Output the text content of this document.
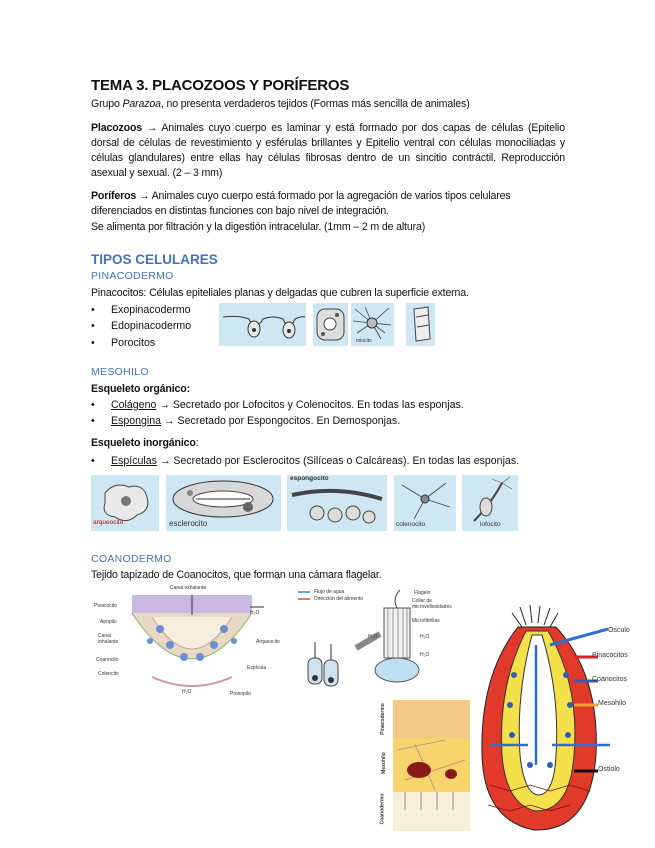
TEMA 3. PLACOZOOS Y PORÍFEROS
Grupo Parazoa, no presenta verdaderos tejidos (Formas más sencilla de animales)
Placozoos → Animales cuyo cuerpo es laminar y está formado por dos capas de células (Epitelio dorsal de células de revestimiento y esférulas brillantes y Epitelio ventral con células monociliadas y células glandulares) entre ellas hay células fibrosas dentro de un sincitio contráctil. Reproducción asexual y sexual. (2 – 3 mm)
Poríferos → Animales cuyo cuerpo está formado por la agregación de varios tipos celulares diferenciados en distintas funciones con bajo nivel de integración.
Se alimenta por filtración y la digestión intracelular. (1mm – 2 m de altura)
TIPOS CELULARES
PINACODERMO
Pinacocitos: Células epiteliales planas y delgadas que cubren la superficie externa.
• Exopinacodermo
• Edopinacodermo
• Porocitos	miocito
MESOHILO
Esqueleto orgánico:
• Colágeno → Secretado por Lofocitos y Colenocitos. En todas las esponjas.
• Espongina → Secretado por Espongocitos. En Demosponjas.
Esqueleto inorgánico:
• Espículas → Secretado por Esclerocitos (Silíceas o Calcáreas). En todas las esponjas.
arqueocito	esclerocito
espongocito
colenocito	lofocito
COANODERMO
Tejido tapizado de Coanocitos, que forman una cámara flagelar.
Canal exhalante
Pinacocito
Apopilo
Canal inhalante
Coanocito
Colencito
H₂O
H₂O
Arqueocito
Espícula
Prosopilo
Flujo de agua
Dirección del alimento
Flagelo
Collar de microvellosidades
Microfibrillas
H₂O	H₂O
H₂O
Pinacodermo
Mesohilo
Coanodermo
Osculo
Pinacocitos
Coanocitos
Mesohilo
Ostiolo
